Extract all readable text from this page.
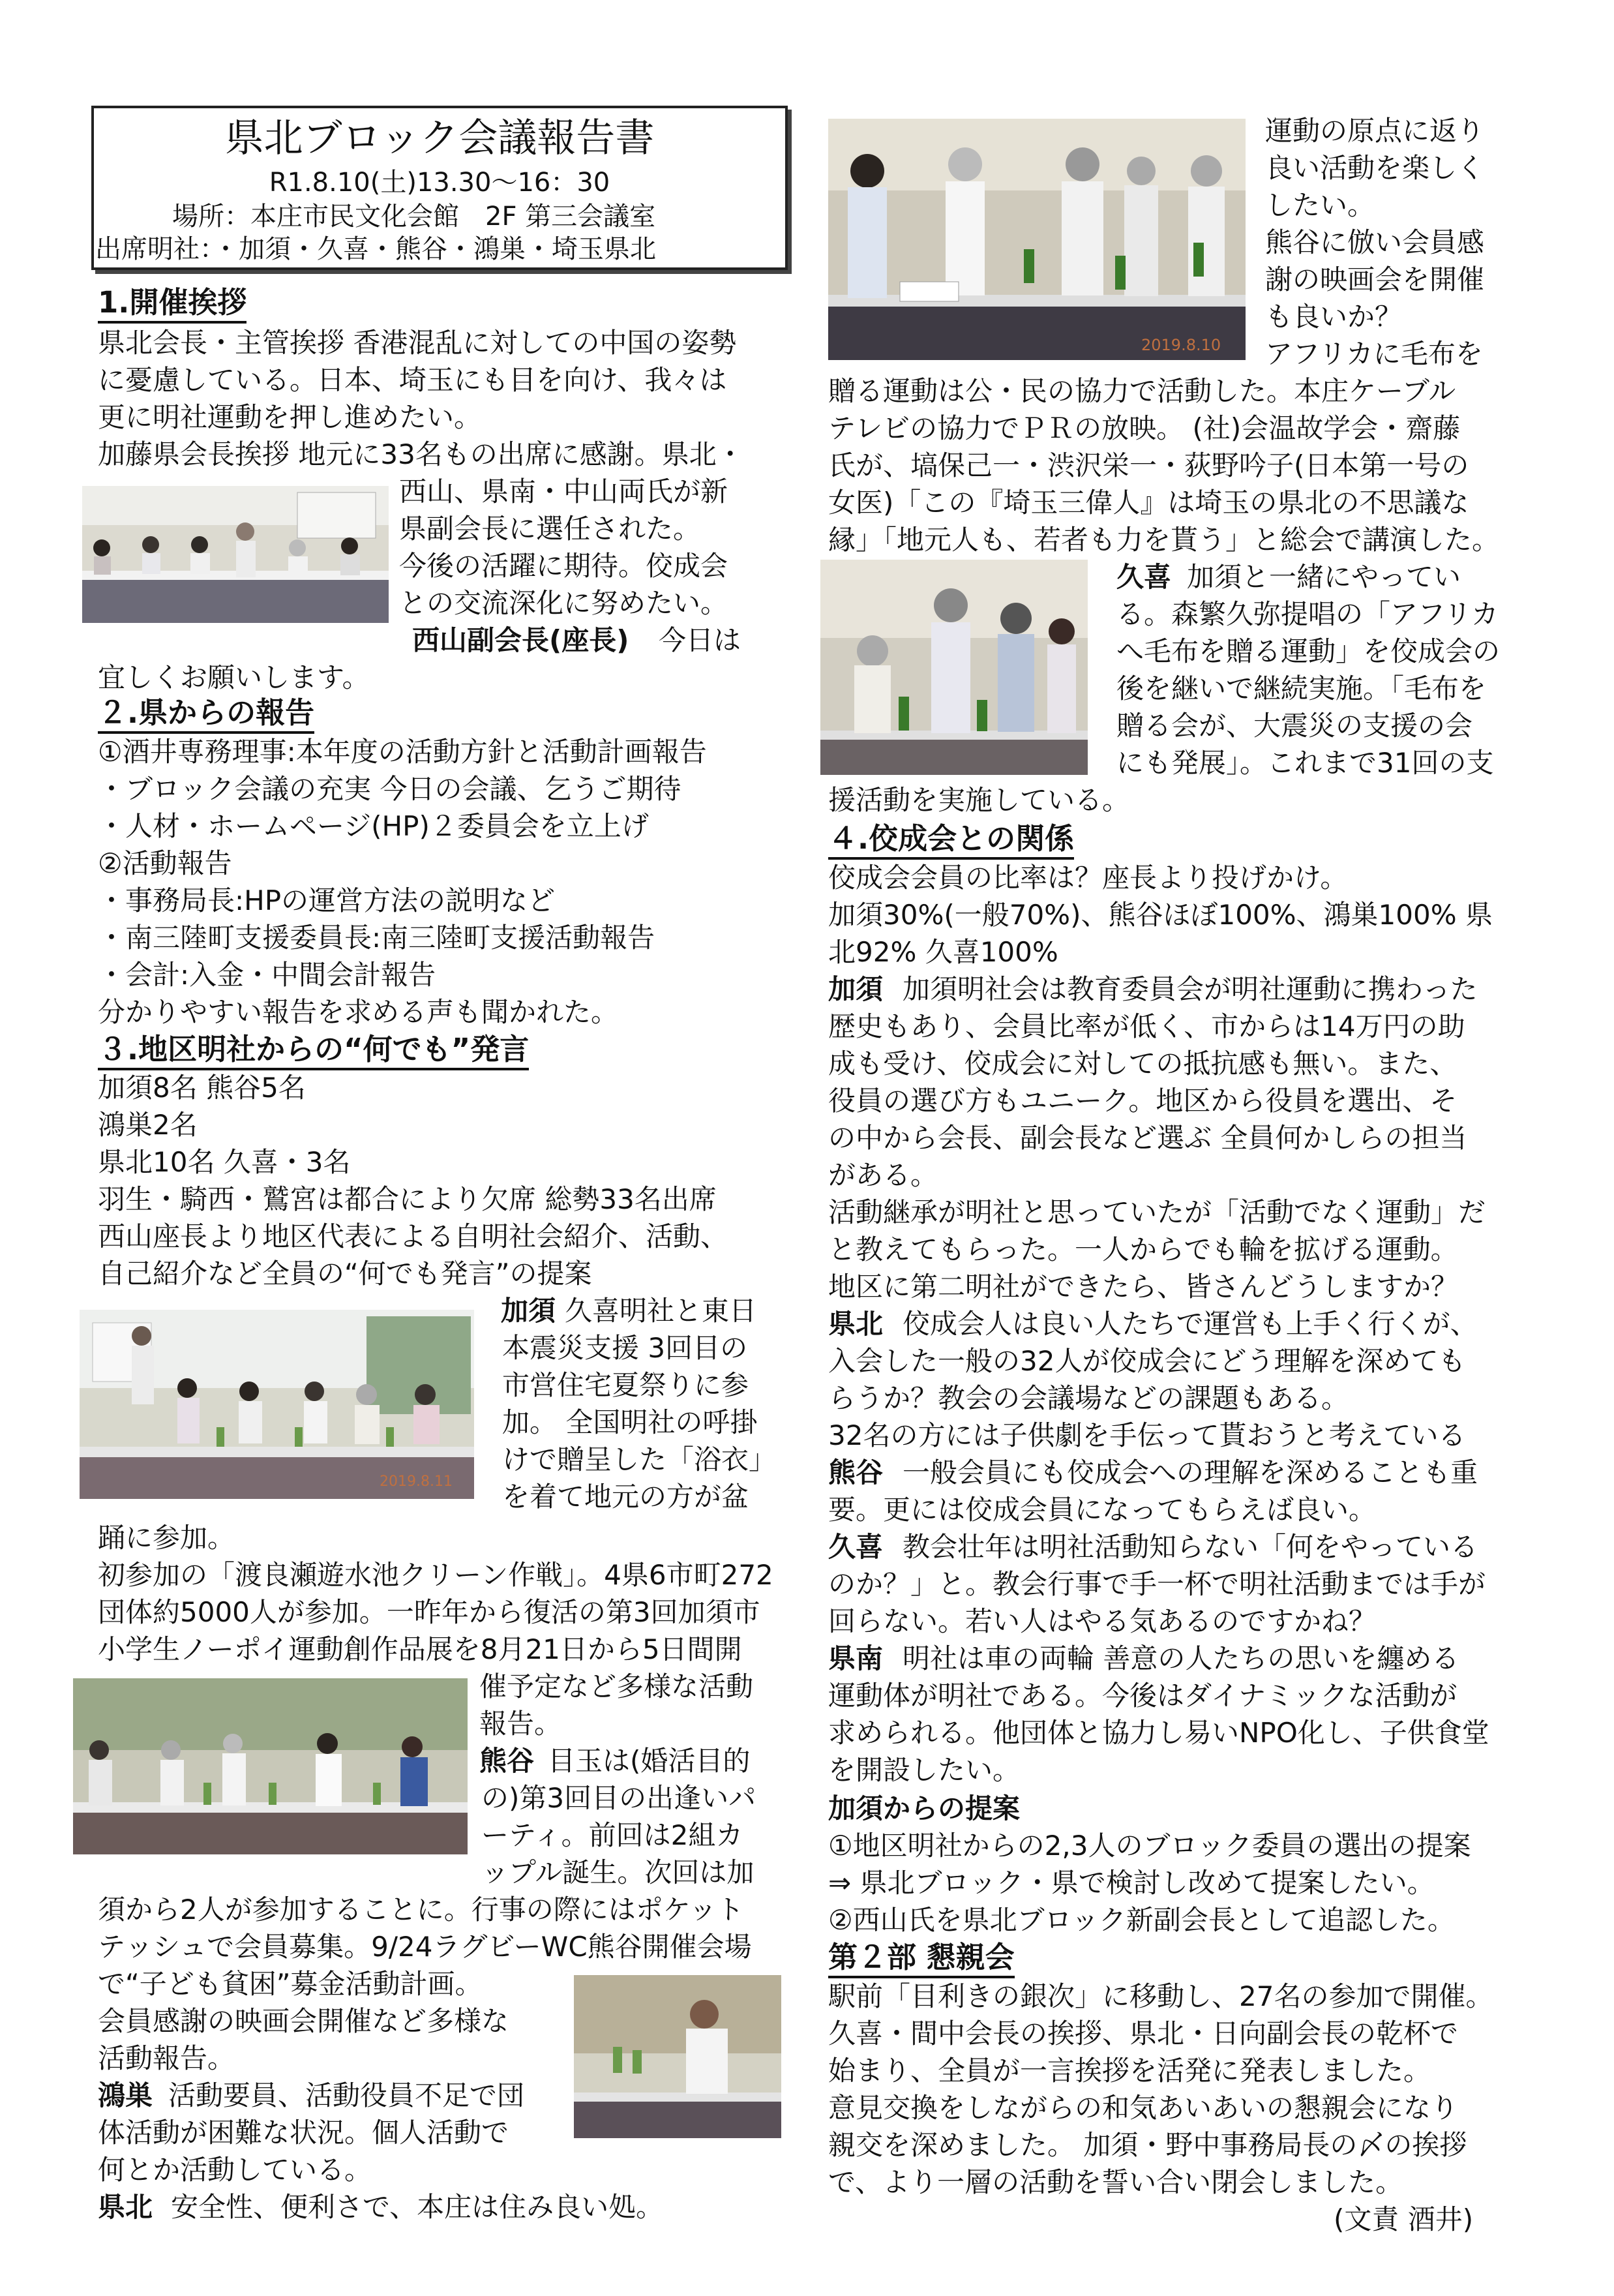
県北ブロック会議報告書
R1.8.10(土)13.30～16：30
場所：本庄市民文化会館　2F 第三会議室
出席明社：・加須・久喜・熊谷・鴻巣・埼玉県北
1.開催挨拶
県北会長・主管挨拶 香港混乱に対しての中国の姿勢
に憂慮している。日本、埼玉にも目を向け、我々は
更に明社運動を押し進めたい。
加藤県会長挨拶 地元に33名もの出席に感謝。県北・
西山、県南・中山両氏が新
県副会長に選任された。
今後の活躍に期待。佼成会
との交流深化に努めたい。
西山副会長(座長) 今日は
宜しくお願いします。
２.県からの報告
①酒井専務理事:本年度の活動方針と活動計画報告
・ブロック会議の充実 今日の会議、乞うご期待
・人材・ホームページ(HP)２委員会を立上げ
②活動報告
・事務局長:HPの運営方法の説明など
・南三陸町支援委員長:南三陸町支援活動報告
・会計:入金・中間会計報告
分かりやすい報告を求める声も聞かれた。
３.地区明社からの“何でも”発言
加須8名 熊谷5名
鴻巣2名
県北10名 久喜・3名
羽生・騎西・鷲宮は都合により欠席 総勢33名出席
西山座長より地区代表による自明社会紹介、活動、
自己紹介など全員の“何でも発言”の提案
加須 久喜明社と東日
本震災支援 3回目の
市営住宅夏祭りに参
加。 全国明社の呼掛
けで贈呈した「浴衣」
を着て地元の方が盆
踊に参加。
初参加の「渡良瀬遊水池クリーン作戦」。4県6市町272
団体約5000人が参加。一昨年から復活の第3回加須市
小学生ノーポイ運動創作品展を8月21日から5日間開
催予定など多様な活動
報告。
2019.8.11
熊谷 目玉は(婚活目的
の)第3回目の出逢いパ
ーティ。前回は2組カ
ップル誕生。次回は加
須から2人が参加することに。行事の際にはポケット
テッシュで会員募集。9/24ラグビーWC熊谷開催会場
で“子ども貧困”募金活動計画。
会員感謝の映画会開催など多様な
活動報告。
鴻巣 活動要員、活動役員不足で団
体活動が困難な状況。個人活動で
何とか活動している。
県北 安全性、便利さで、本庄は住み良い処。
2019.8.10
運動の原点に返り
良い活動を楽しく
したい。
熊谷に倣い会員感
謝の映画会を開催
も良いか？
アフリカに毛布を
贈る運動は公・民の協力で活動した。本庄ケーブル
テレビの協力でＰＲの放映。 (社)会温故学会・齋藤
氏が、塙保己一・渋沢栄一・荻野吟子(日本第一号の
女医)「この『埼玉三偉人』は埼玉の県北の不思議な
縁」「地元人も、若者も力を貰う」と総会で講演した。
久喜 加須と一緒にやってい
る。森繁久弥提唱の「アフリカ
へ毛布を贈る運動」を佼成会の
後を継いで継続実施。「毛布を
贈る会が、大震災の支援の会
にも発展」。これまで31回の支
援活動を実施している。
４.佼成会との関係
佼成会会員の比率は？座長より投げかけ。
加須30%(一般70%)、熊谷ほぼ100%、鴻巣100% 県
北92% 久喜100%
加須 加須明社会は教育委員会が明社運動に携わった
歴史もあり、会員比率が低く、市からは14万円の助
成も受け、佼成会に対しての抵抗感も無い。また、
役員の選び方もユニーク。地区から役員を選出、そ
の中から会長、副会長など選ぶ 全員何かしらの担当
がある。
活動継承が明社と思っていたが「活動でなく運動」だ
と教えてもらった。一人からでも輪を拡げる運動。
地区に第二明社ができたら、皆さんどうしますか？
県北 佼成会人は良い人たちで運営も上手く行くが、
入会した一般の32人が佼成会にどう理解を深めても
らうか？教会の会議場などの課題もある。
32名の方には子供劇を手伝って貰おうと考えている
熊谷 一般会員にも佼成会への理解を深めることも重
要。更には佼成会員になってもらえば良い。
久喜 教会壮年は明社活動知らない「何をやっている
のか？」と。教会行事で手一杯で明社活動までは手が
回らない。若い人はやる気あるのですかね？
県南 明社は車の両輪 善意の人たちの思いを纏める
運動体が明社である。今後はダイナミックな活動が
求められる。他団体と協力し易いNPO化し、子供食堂
を開設したい。
加須からの提案
①地区明社からの2,3人のブロック委員の選出の提案
⇒ 県北ブロック・県で検討し改めて提案したい。
②西山氏を県北ブロック新副会長として追認した。
第２部 懇親会
駅前「目利きの銀次」に移動し、27名の参加で開催。
久喜・間中会長の挨拶、県北・日向副会長の乾杯で
始まり、全員が一言挨拶を活発に発表しました。
意見交換をしながらの和気あいあいの懇親会になり
親交を深めました。 加須・野中事務局長の〆の挨拶
で、より一層の活動を誓い合い閉会しました。
(文責 酒井)
